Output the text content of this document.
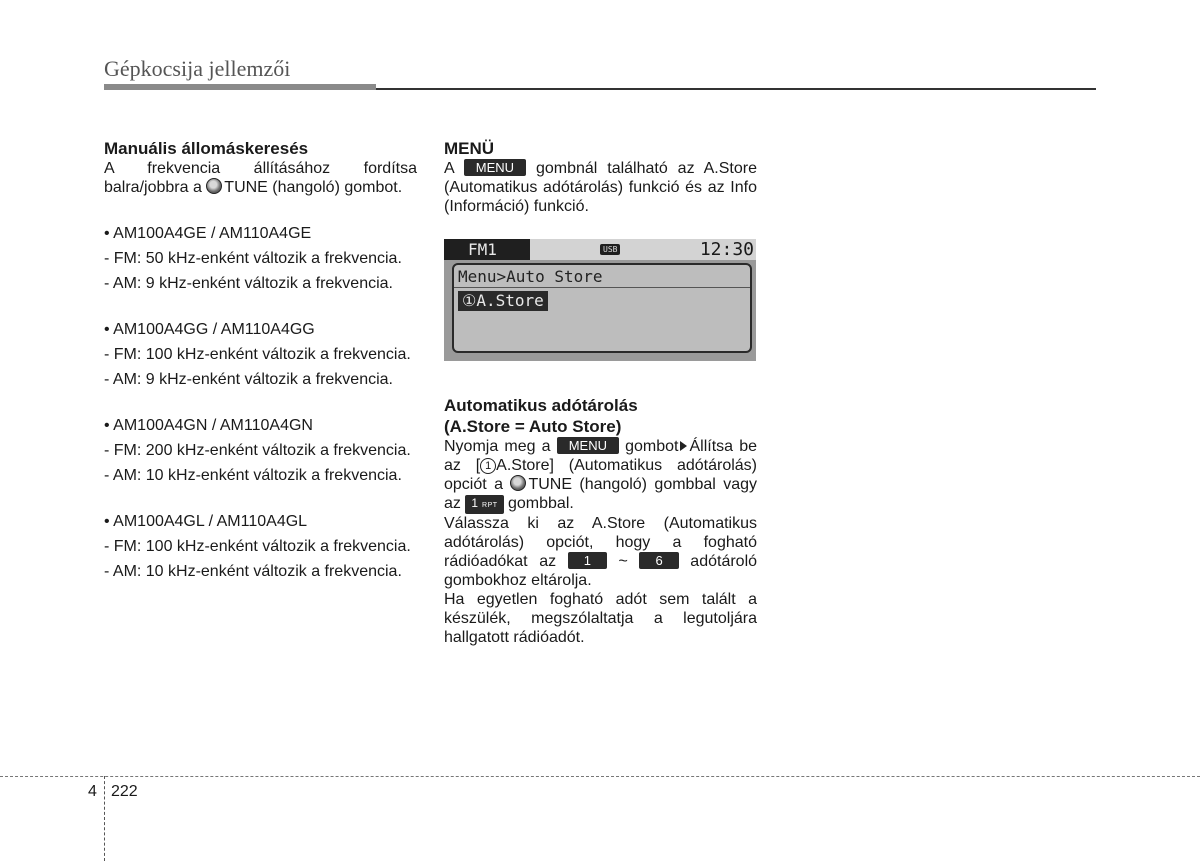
Gépkocsija jellemzői
Manuális állomáskeresés

A frekvencia állításához fordítsa balra/jobbra a TUNE (hangoló) gombot.

• AM100A4GE / AM110A4GE

- FM: 50 kHz-enként változik a frekvencia.

- AM: 9 kHz-enként változik a frekvencia.

• AM100A4GG / AM110A4GG

- FM: 100 kHz-enként változik a frekvencia.

- AM: 9 kHz-enként változik a frekvencia.

• AM100A4GN / AM110A4GN

- FM: 200 kHz-enként változik a frekvencia.

- AM: 10 kHz-enként változik a frekvencia.

• AM100A4GL / AM110A4GL

- FM: 100 kHz-enként változik a frekvencia.

- AM: 10 kHz-enként változik a frekvencia.

MENÜ

A MENU gombnál található az A.Store (Automatikus adótárolás) funkció és az Info (Információ) funkció.

FM1	USB	12:30
Menu>Auto Store
①A.Store
Automatikus adótárolás
(A.Store = Auto Store)

Nyomja meg a MENU gombot Állítsa be az [ 1 A.Store] (Automatikus adótárolás) opciót a TUNE (hangoló) gombbal vagy az 1 RPT gombbal.

Válassza ki az A.Store (Automatikus adótárolás) opciót, hogy a fogható rádióadókat az 1 ~ 6 adótároló gombokhoz eltárolja.

Ha egyetlen fogható adót sem talált a készülék, megszólaltatja a legutoljára hallgatott rádióadót.

4 222
